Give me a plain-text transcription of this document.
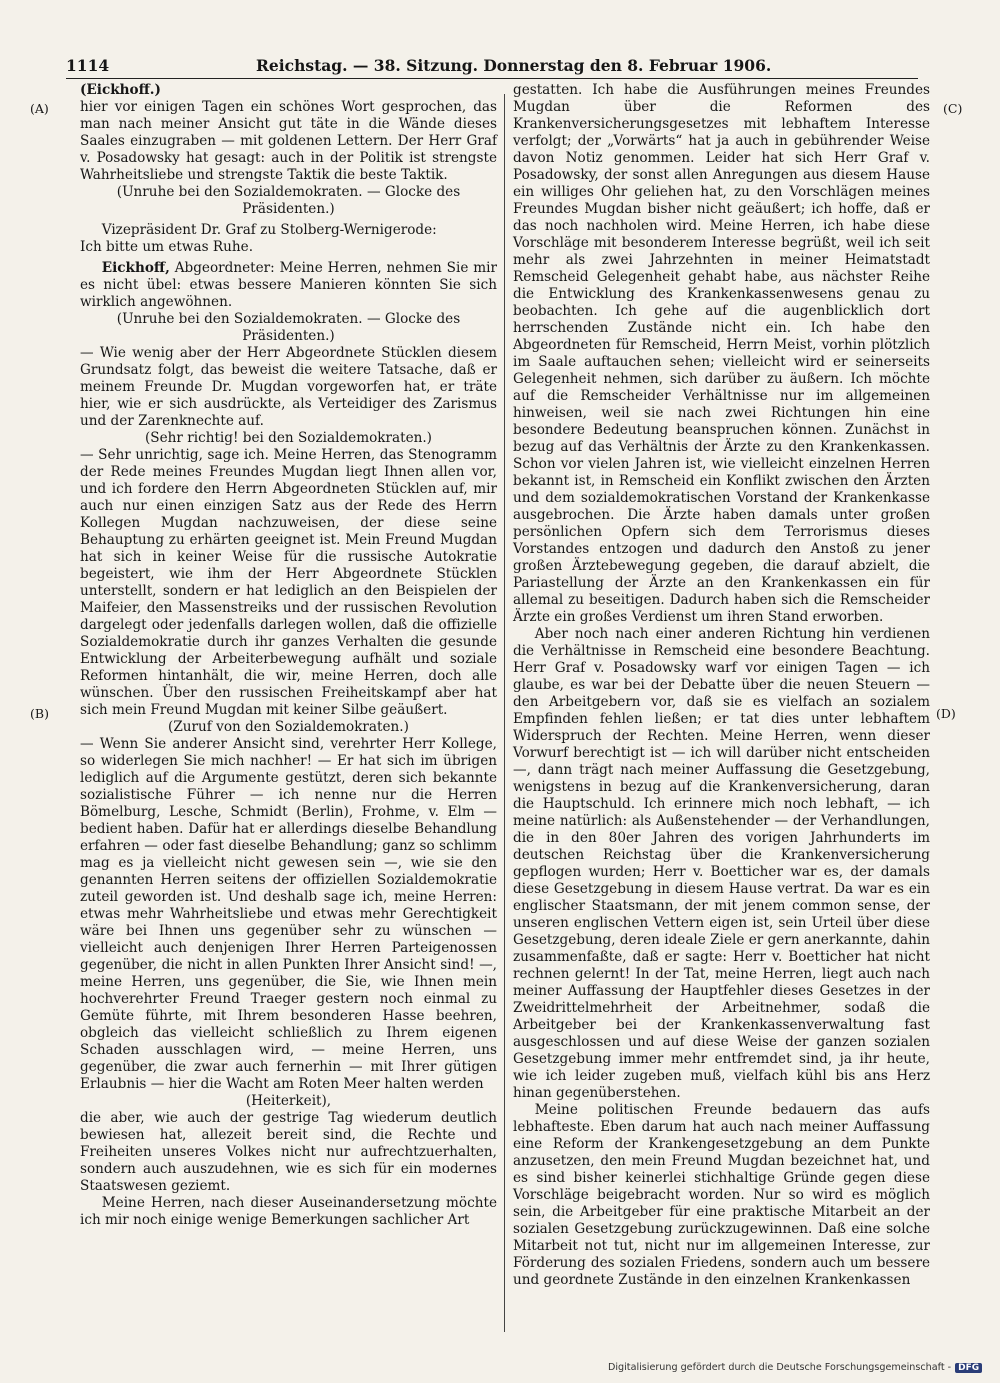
1114	Reichstag. — 38. Sitzung. Donnerstag den 8. Februar 1906.
(A)
(B)
(C)
(D)

(Eickhoff.)

hier vor einigen Tagen ein schönes Wort gesprochen, das man nach meiner Ansicht gut täte in die Wände dieses Saales einzugraben — mit goldenen Lettern. Der Herr Graf v. Posadowsky hat gesagt: auch in der Politik ist strengste Wahrheitsliebe und strengste Taktik die beste Taktik.

(Unruhe bei den Sozialdemokraten. — Glocke des Präsidenten.)

Vizepräsident Dr. Graf zu Stolberg-Wernigerode:

Ich bitte um etwas Ruhe.

Eickhoff, Abgeordneter: Meine Herren, nehmen Sie mir es nicht übel: etwas bessere Manieren könnten Sie sich wirklich angewöhnen.

(Unruhe bei den Sozialdemokraten. — Glocke des Präsidenten.)

— Wie wenig aber der Herr Abgeordnete Stücklen diesem Grundsatz folgt, das beweist die weitere Tatsache, daß er meinem Freunde Dr. Mugdan vorgeworfen hat, er träte hier, wie er sich ausdrückte, als Verteidiger des Zarismus und der Zarenknechte auf.

(Sehr richtig! bei den Sozialdemokraten.)

— Sehr unrichtig, sage ich. Meine Herren, das Stenogramm der Rede meines Freundes Mugdan liegt Ihnen allen vor, und ich fordere den Herrn Abgeordneten Stücklen auf, mir auch nur einen einzigen Satz aus der Rede des Herrn Kollegen Mugdan nachzuweisen, der diese seine Behauptung zu erhärten geeignet ist. Mein Freund Mugdan hat sich in keiner Weise für die russische Autokratie begeistert, wie ihm der Herr Abgeordnete Stücklen unterstellt, sondern er hat lediglich an den Beispielen der Maifeier, den Massenstreiks und der russischen Revolution dargelegt oder jedenfalls darlegen wollen, daß die offizielle Sozialdemokratie durch ihr ganzes Verhalten die gesunde Entwicklung der Arbeiterbewegung aufhält und soziale Reformen hintanhält, die wir, meine Herren, doch alle wünschen. Über den russischen Freiheitskampf aber hat sich mein Freund Mugdan mit keiner Silbe geäußert.

(Zuruf von den Sozialdemokraten.)

— Wenn Sie anderer Ansicht sind, verehrter Herr Kollege, so widerlegen Sie mich nachher! — Er hat sich im übrigen lediglich auf die Argumente gestützt, deren sich bekannte sozialistische Führer — ich nenne nur die Herren Bömelburg, Lesche, Schmidt (Berlin), Frohme, v. Elm — bedient haben. Dafür hat er allerdings dieselbe Behandlung erfahren — oder fast dieselbe Behandlung; ganz so schlimm mag es ja vielleicht nicht gewesen sein —, wie sie den genannten Herren seitens der offiziellen Sozialdemokratie zuteil geworden ist. Und deshalb sage ich, meine Herren: etwas mehr Wahrheitsliebe und etwas mehr Gerechtigkeit wäre bei Ihnen uns gegenüber sehr zu wünschen — vielleicht auch denjenigen Ihrer Herren Parteigenossen gegenüber, die nicht in allen Punkten Ihrer Ansicht sind! —, meine Herren, uns gegenüber, die Sie, wie Ihnen mein hochverehrter Freund Traeger gestern noch einmal zu Gemüte führte, mit Ihrem besonderen Hasse beehren, obgleich das vielleicht schließlich zu Ihrem eigenen Schaden ausschlagen wird, — meine Herren, uns gegenüber, die zwar auch fernerhin — mit Ihrer gütigen Erlaubnis — hier die Wacht am Roten Meer halten werden

(Heiterkeit),

die aber, wie auch der gestrige Tag wiederum deutlich bewiesen hat, allezeit bereit sind, die Rechte und Freiheiten unseres Volkes nicht nur aufrechtzuerhalten, sondern auch auszudehnen, wie es sich für ein modernes Staatswesen geziemt.

Meine Herren, nach dieser Auseinandersetzung möchte ich mir noch einige wenige Bemerkungen sachlicher Art

gestatten. Ich habe die Ausführungen meines Freundes Mugdan über die Reformen des Krankenversicherungsgesetzes mit lebhaftem Interesse verfolgt; der „Vorwärts“ hat ja auch in gebührender Weise davon Notiz genommen. Leider hat sich Herr Graf v. Posadowsky, der sonst allen Anregungen aus diesem Hause ein williges Ohr geliehen hat, zu den Vorschlägen meines Freundes Mugdan bisher nicht geäußert; ich hoffe, daß er das noch nachholen wird. Meine Herren, ich habe diese Vorschläge mit besonderem Interesse begrüßt, weil ich seit mehr als zwei Jahrzehnten in meiner Heimatstadt Remscheid Gelegenheit gehabt habe, aus nächster Reihe die Entwicklung des Krankenkassenwesens genau zu beobachten. Ich gehe auf die augenblicklich dort herrschenden Zustände nicht ein. Ich habe den Abgeordneten für Remscheid, Herrn Meist, vorhin plötzlich im Saale auftauchen sehen; vielleicht wird er seinerseits Gelegenheit nehmen, sich darüber zu äußern. Ich möchte auf die Remscheider Verhältnisse nur im allgemeinen hinweisen, weil sie nach zwei Richtungen hin eine besondere Bedeutung beanspruchen können. Zunächst in bezug auf das Verhältnis der Ärzte zu den Krankenkassen. Schon vor vielen Jahren ist, wie vielleicht einzelnen Herren bekannt ist, in Remscheid ein Konflikt zwischen den Ärzten und dem sozialdemokratischen Vorstand der Krankenkasse ausgebrochen. Die Ärzte haben damals unter großen persönlichen Opfern sich dem Terrorismus dieses Vorstandes entzogen und dadurch den Anstoß zu jener großen Ärztebewegung gegeben, die darauf abzielt, die Pariastellung der Ärzte an den Krankenkassen ein für allemal zu beseitigen. Dadurch haben sich die Remscheider Ärzte ein großes Verdienst um ihren Stand erworben.

Aber noch nach einer anderen Richtung hin verdienen die Verhältnisse in Remscheid eine besondere Beachtung. Herr Graf v. Posadowsky warf vor einigen Tagen — ich glaube, es war bei der Debatte über die neuen Steuern — den Arbeitgebern vor, daß sie es vielfach an sozialem Empfinden fehlen ließen; er tat dies unter lebhaftem Widerspruch der Rechten. Meine Herren, wenn dieser Vorwurf berechtigt ist — ich will darüber nicht entscheiden —, dann trägt nach meiner Auffassung die Gesetzgebung, wenigstens in bezug auf die Krankenversicherung, daran die Hauptschuld. Ich erinnere mich noch lebhaft, — ich meine natürlich: als Außenstehender — der Verhandlungen, die in den 80er Jahren des vorigen Jahrhunderts im deutschen Reichstag über die Krankenversicherung gepflogen wurden; Herr v. Boetticher war es, der damals diese Gesetzgebung in diesem Hause vertrat. Da war es ein englischer Staatsmann, der mit jenem common sense, der unseren englischen Vettern eigen ist, sein Urteil über diese Gesetzgebung, deren ideale Ziele er gern anerkannte, dahin zusammenfaßte, daß er sagte: Herr v. Boetticher hat nicht rechnen gelernt! In der Tat, meine Herren, liegt auch nach meiner Auffassung der Hauptfehler dieses Gesetzes in der Zweidrittelmehrheit der Arbeitnehmer, sodaß die Arbeitgeber bei der Krankenkassenverwaltung fast ausgeschlossen und auf diese Weise der ganzen sozialen Gesetzgebung immer mehr entfremdet sind, ja ihr heute, wie ich leider zugeben muß, vielfach kühl bis ans Herz hinan gegenüberstehen.

Meine politischen Freunde bedauern das aufs lebhafteste. Eben darum hat auch nach meiner Auffassung eine Reform der Krankengesetzgebung an dem Punkte anzusetzen, den mein Freund Mugdan bezeichnet hat, und es sind bisher keinerlei stichhaltige Gründe gegen diese Vorschläge beigebracht worden. Nur so wird es möglich sein, die Arbeitgeber für eine praktische Mitarbeit an der sozialen Gesetzgebung zurückzugewinnen. Daß eine solche Mitarbeit not tut, nicht nur im allgemeinen Interesse, zur Förderung des sozialen Friedens, sondern auch um bessere und geordnete Zustände in den einzelnen Krankenkassen

Digitalisierung gefördert durch die Deutsche Forschungsgemeinschaft - DFG
